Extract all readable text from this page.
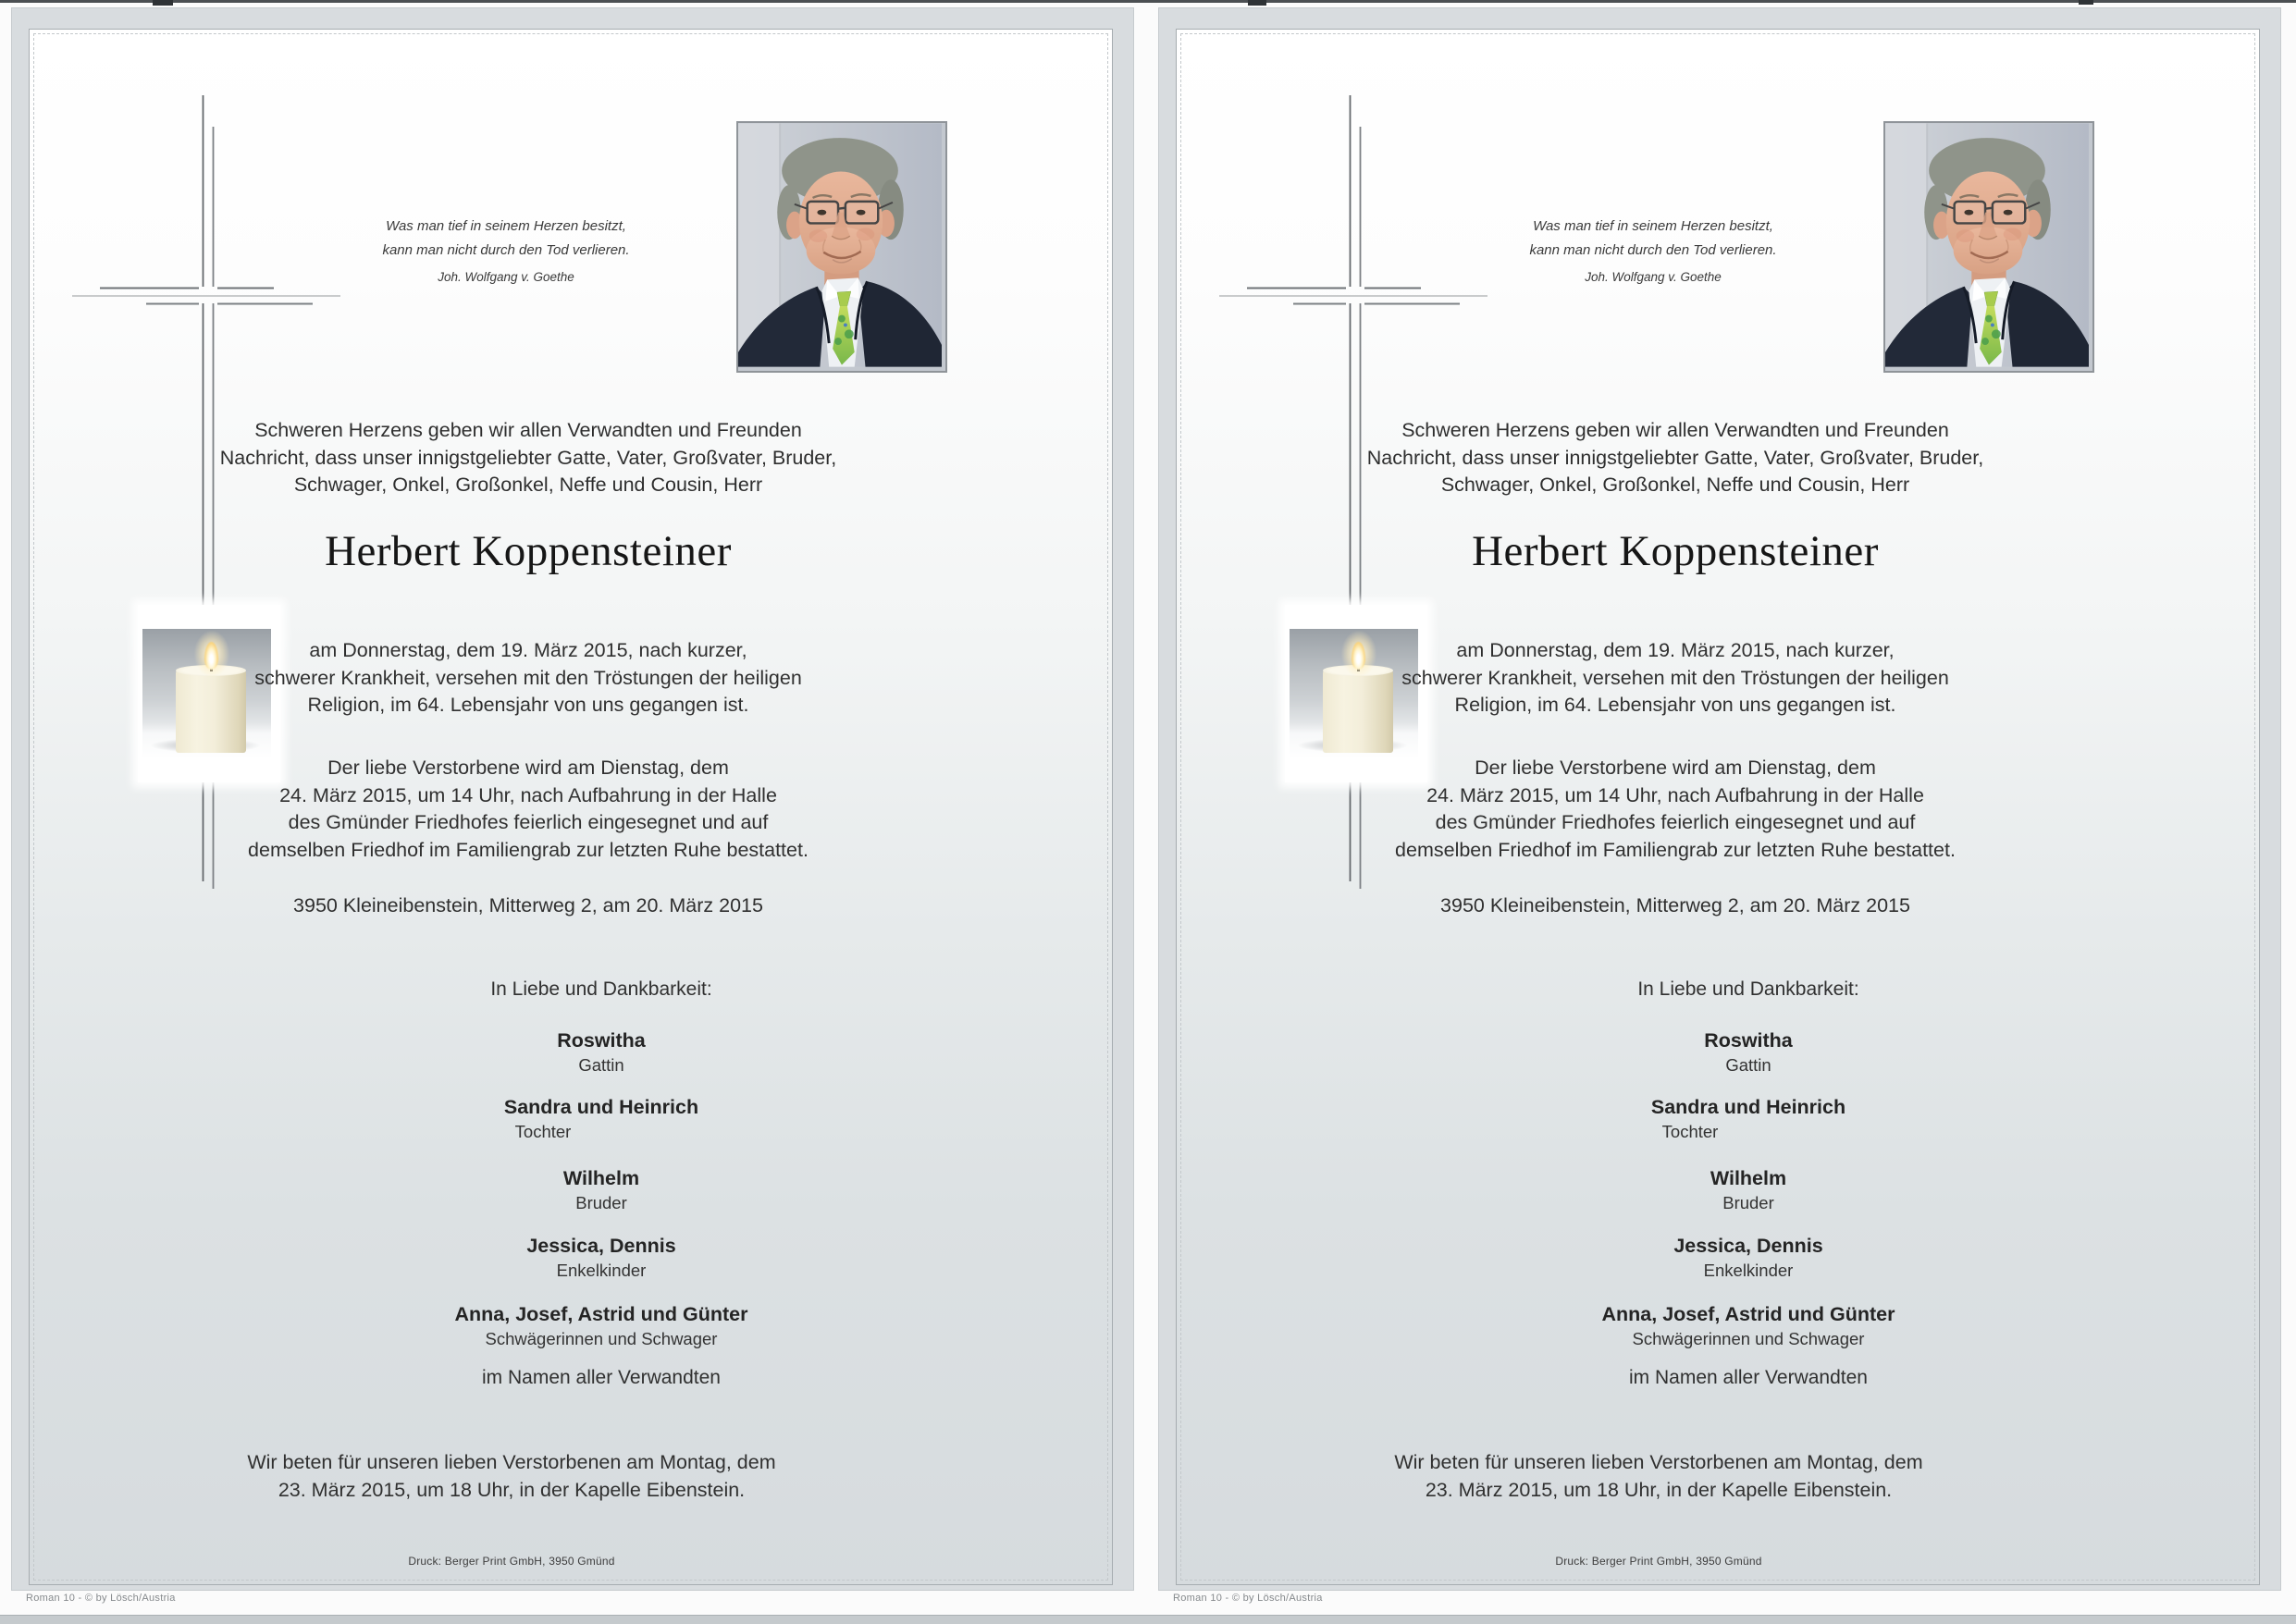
Was man tief in seinem Herzen besitzt,
kann man nicht durch den Tod verlieren.
Joh. Wolfgang v. Goethe
Schweren Herzens geben wir allen Verwandten und Freunden
Nachricht, dass unser innigstgeliebter Gatte, Vater, Großvater, Bruder,
Schwager, Onkel, Großonkel, Neffe und Cousin, Herr
Herbert Koppensteiner
am Donnerstag, dem 19. März 2015, nach kurzer,
schwerer Krankheit, versehen mit den Tröstungen der heiligen
Religion, im 64. Lebensjahr von uns gegangen ist.
Der liebe Verstorbene wird am Dienstag, dem
24. März 2015, um 14 Uhr, nach Aufbahrung in der Halle
des Gmünder Friedhofes feierlich eingesegnet und auf
demselben Friedhof im Familiengrab zur letzten Ruhe bestattet.
3950 Kleineibenstein, Mitterweg 2, am 20. März 2015
In Liebe und Dankbarkeit:
Roswitha
Gattin
Sandra und Heinrich
Tochter
Wilhelm
Bruder
Jessica, Dennis
Enkelkinder
Anna, Josef, Astrid und Günter
Schwägerinnen und Schwager
im Namen aller Verwandten
Wir beten für unseren lieben Verstorbenen am Montag, dem
23. März 2015, um 18 Uhr, in der Kapelle Eibenstein.
Druck: Berger Print GmbH, 3950 Gmünd
Was man tief in seinem Herzen besitzt,
kann man nicht durch den Tod verlieren.
Joh. Wolfgang v. Goethe
Schweren Herzens geben wir allen Verwandten und Freunden
Nachricht, dass unser innigstgeliebter Gatte, Vater, Großvater, Bruder,
Schwager, Onkel, Großonkel, Neffe und Cousin, Herr
Herbert Koppensteiner
am Donnerstag, dem 19. März 2015, nach kurzer,
schwerer Krankheit, versehen mit den Tröstungen der heiligen
Religion, im 64. Lebensjahr von uns gegangen ist.
Der liebe Verstorbene wird am Dienstag, dem
24. März 2015, um 14 Uhr, nach Aufbahrung in der Halle
des Gmünder Friedhofes feierlich eingesegnet und auf
demselben Friedhof im Familiengrab zur letzten Ruhe bestattet.
3950 Kleineibenstein, Mitterweg 2, am 20. März 2015
In Liebe und Dankbarkeit:
Roswitha
Gattin
Sandra und Heinrich
Tochter
Wilhelm
Bruder
Jessica, Dennis
Enkelkinder
Anna, Josef, Astrid und Günter
Schwägerinnen und Schwager
im Namen aller Verwandten
Wir beten für unseren lieben Verstorbenen am Montag, dem
23. März 2015, um 18 Uhr, in der Kapelle Eibenstein.
Druck: Berger Print GmbH, 3950 Gmünd
Roman 10 - © by Lösch/Austria	Roman 10 - © by Lösch/Austria
